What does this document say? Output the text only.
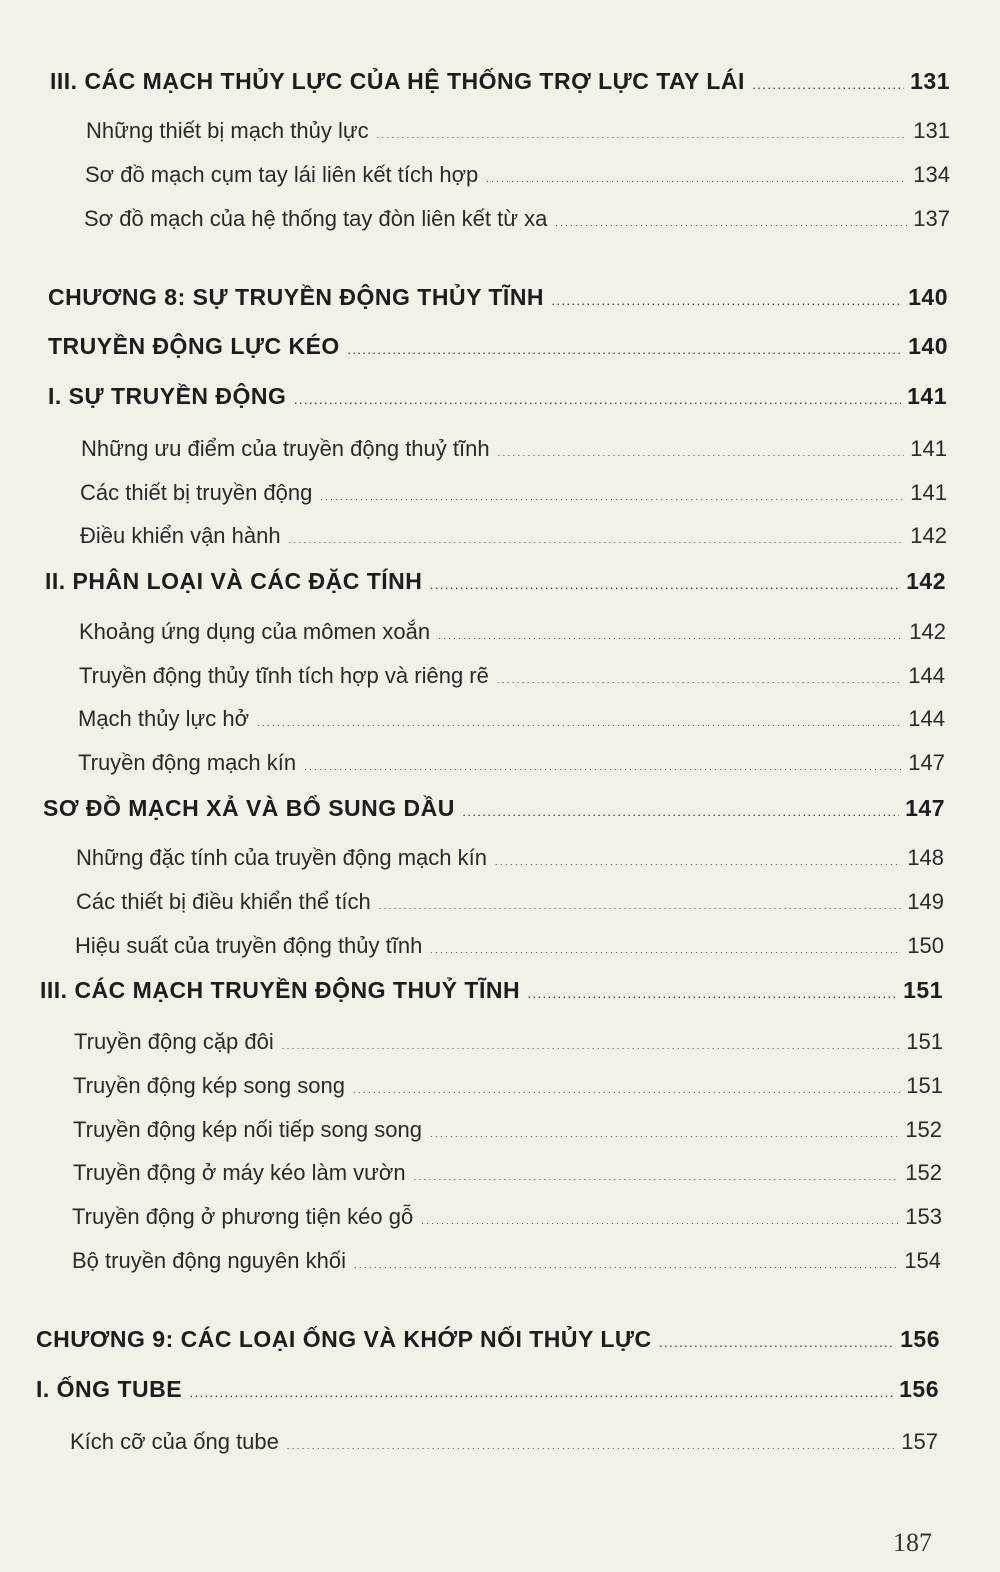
III. CÁC MẠCH THỦY LỰC CỦA HỆ THỐNG TRỢ LỰC TAY LÁI . . .	131
Những thiết bị mạch thủy lực . . .	131
Sơ đồ mạch cụm tay lái liên kết tích hợp . . .	134
Sơ đồ mạch của hệ thống tay đòn liên kết từ xa . . .	137
CHƯƠNG 8: SỰ TRUYỀN ĐỘNG THỦY TĨNH . . .	140
TRUYỀN ĐỘNG LỰC KÉO . . .	140
I. SỰ TRUYỀN ĐỘNG . . .	141
Những ưu điểm của truyền động thuỷ tĩnh . . .	141
Các thiết bị truyền động . . .	141
Điều khiển vận hành . . .	142
II. PHÂN LOẠI VÀ CÁC ĐẶC TÍNH . . .	142
Khoảng ứng dụng của mômen xoắn . . .	142
Truyền động thủy tĩnh tích hợp và riêng rẽ . . .	144
Mạch thủy lực hở . . .	144
Truyền động mạch kín . . .	147
SƠ ĐỒ MẠCH XẢ VÀ BỔ SUNG DẦU . . .	147
Những đặc tính của truyền động mạch kín . . .	148
Các thiết bị điều khiển thể tích . . .	149
Hiệu suất của truyền động thủy tĩnh . . .	150
III. CÁC MẠCH TRUYỀN ĐỘNG THUỶ TĨNH . . .	151
Truyền động cặp đôi . . .	151
Truyền động kép song song . . .	151
Truyền động kép nối tiếp song song . . .	152
Truyền động ở máy kéo làm vườn . . .	152
Truyền động ở phương tiện kéo gỗ . . .	153
Bộ truyền động nguyên khối . . .	154
CHƯƠNG 9: CÁC LOẠI ỐNG VÀ KHỚP NỐI THỦY LỰC . . .	156
I. ỐNG TUBE . . .	156
Kích cỡ của ống tube . . .	157
187
